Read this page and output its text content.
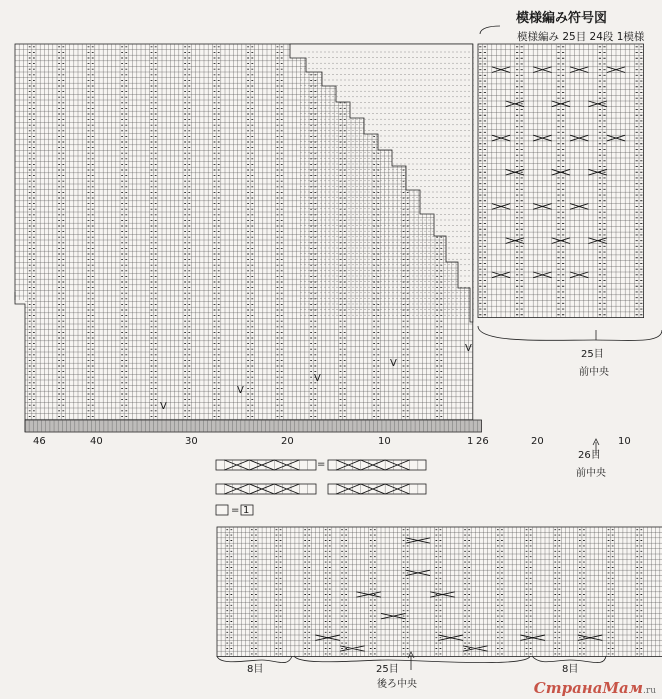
模様編み符号図
模様編み 25目 24段 1模様
46	40	30	20	10	1 26	20	10
25目
前中央
26目
前中央
=
= 1
8目	25目
後ろ中央
8目
V
V
V
V
V
СтранаМам.ru
